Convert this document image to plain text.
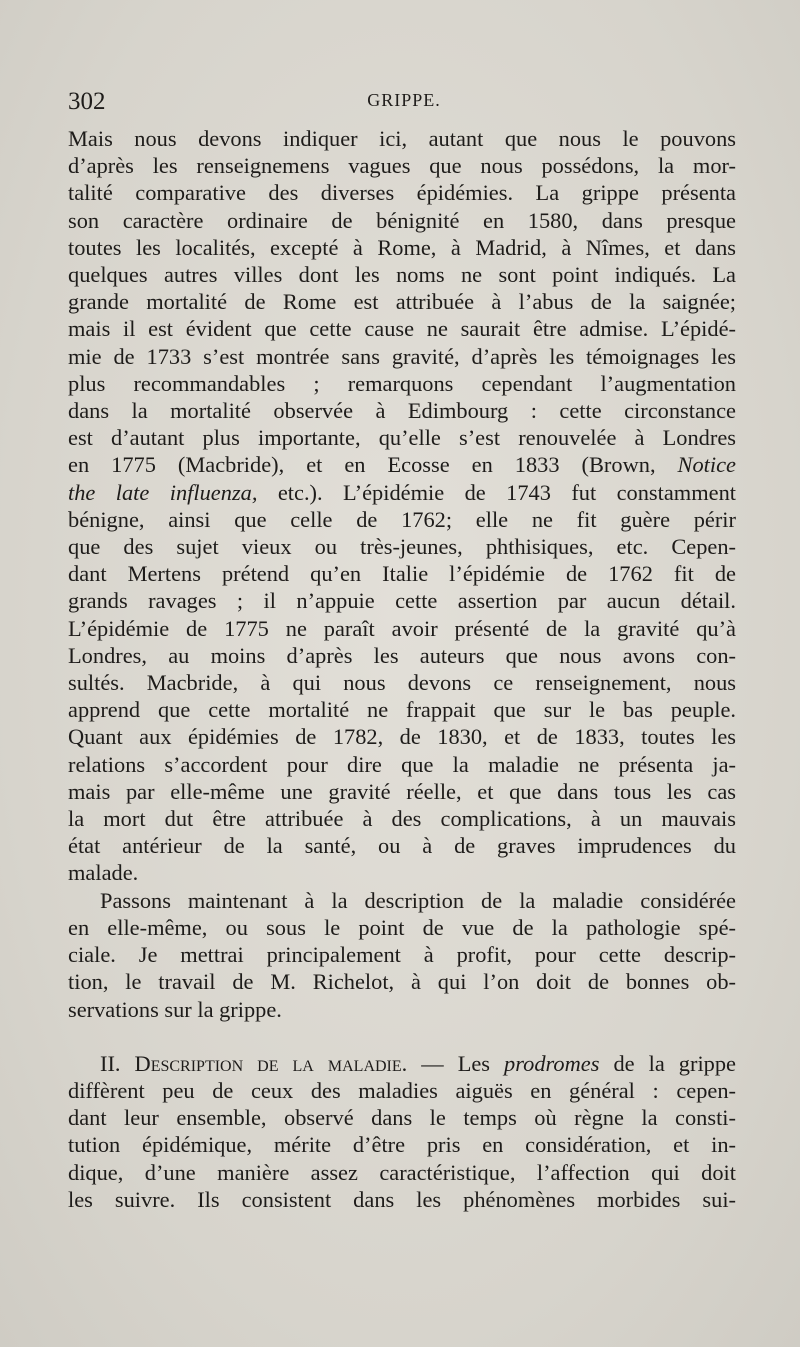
302	GRIPPE.
Mais nous devons indiquer ici, autant que nous le pouvons
d’après les renseignemens vagues que nous possédons, la mor-
talité comparative des diverses épidémies. La grippe présenta
son caractère ordinaire de bénignité en 1580, dans presque
toutes les localités, excepté à Rome, à Madrid, à Nîmes, et dans
quelques autres villes dont les noms ne sont point indiqués. La
grande mortalité de Rome est attribuée à l’abus de la saignée;
mais il est évident que cette cause ne saurait être admise. L’épidé-
mie de 1733 s’est montrée sans gravité, d’après les témoignages les
plus recommandables ; remarquons cependant l’augmentation
dans la mortalité observée à Edimbourg : cette circonstance
est d’autant plus importante, qu’elle s’est renouvelée à Londres
en 1775 (Macbride), et en Ecosse en 1833 (Brown, Notice
the late influenza, etc.). L’épidémie de 1743 fut constamment
bénigne, ainsi que celle de 1762; elle ne fit guère périr
que des sujet vieux ou très-jeunes, phthisiques, etc. Cepen-
dant Mertens prétend qu’en Italie l’épidémie de 1762 fit de
grands ravages ; il n’appuie cette assertion par aucun détail.
L’épidémie de 1775 ne paraît avoir présenté de la gravité qu’à
Londres, au moins d’après les auteurs que nous avons con-
sultés. Macbride, à qui nous devons ce renseignement, nous
apprend que cette mortalité ne frappait que sur le bas peuple.
Quant aux épidémies de 1782, de 1830, et de 1833, toutes les
relations s’accordent pour dire que la maladie ne présenta ja-
mais par elle-même une gravité réelle, et que dans tous les cas
la mort dut être attribuée à des complications, à un mauvais
état antérieur de la santé, ou à de graves imprudences du
malade.
Passons maintenant à la description de la maladie considérée
en elle-même, ou sous le point de vue de la pathologie spé-
ciale. Je mettrai principalement à profit, pour cette descrip-
tion, le travail de M. Richelot, à qui l’on doit de bonnes ob-
servations sur la grippe.
II. Description de la maladie. — Les prodromes de la grippe
diffèrent peu de ceux des maladies aiguës en général : cepen-
dant leur ensemble, observé dans le temps où règne la consti-
tution épidémique, mérite d’être pris en considération, et in-
dique, d’une manière assez caractéristique, l’affection qui doit
les suivre. Ils consistent dans les phénomènes morbides sui-
